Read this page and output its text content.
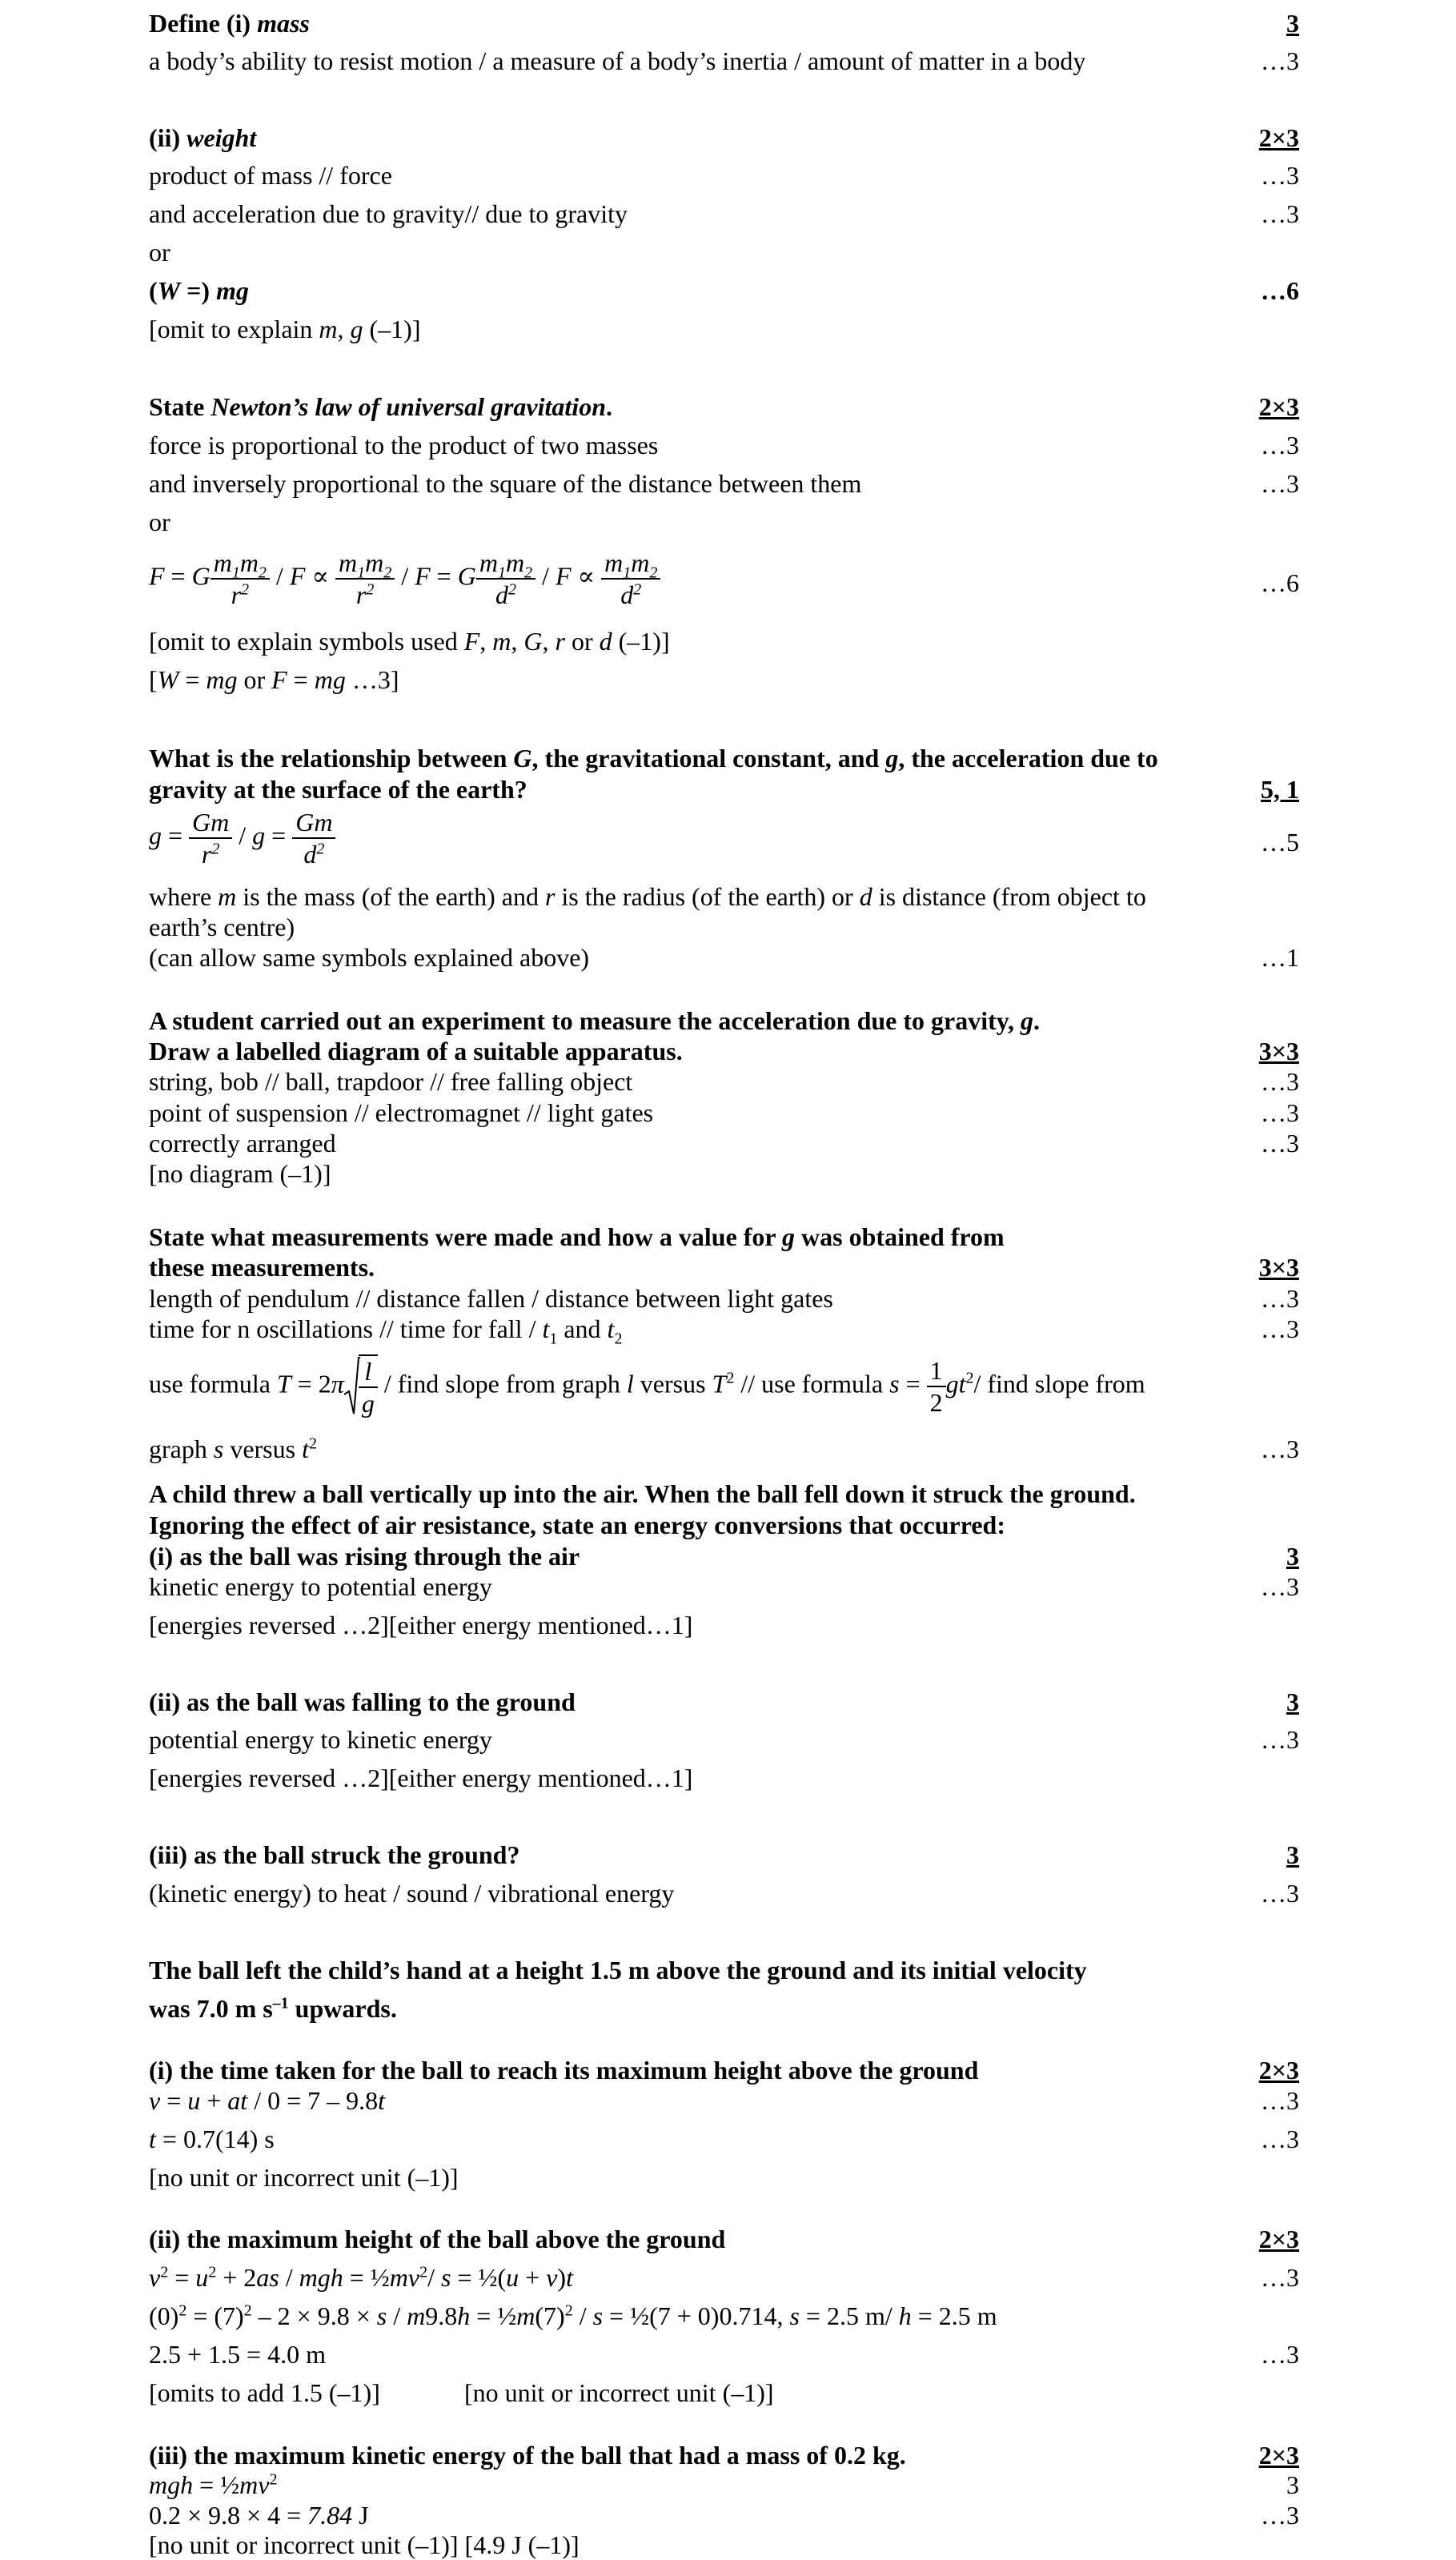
Define (i) mass	3
a body’s ability to resist motion / a measure of a body’s inertia / amount of matter in a body	…3
(ii) weight	2×3
product of mass // force	…3
and acceleration due to gravity// due to gravity	…3
or
(W =) mg	…6
[omit to explain m, g (–1)]
State Newton’s law of universal gravitation.	2×3
force is proportional to the product of two masses	…3
and inversely proportional to the square of the distance between them	…3
or
F = G $\frac{m_1m_2}{r^2} / F \propto \frac{m_1m_2}{r^2} / F = G \frac{m_1m_2}{d^2} / F \propto \frac{m_1m_2}{d^2}$	…6
[omit to explain symbols used F, m, G, r or d (–1)]
[W = mg or F = mg …3]
What is the relationship between G, the gravitational constant, and g, the acceleration due to
gravity at the surface of the earth?	5, 1
$g = \frac{Gm}{r^2} / g = \frac{Gm}{d^2}$	…5
where m is the mass (of the earth) and r is the radius (of the earth) or d is distance (from object to
earth’s centre)
(can allow same symbols explained above)	…1
A student carried out an experiment to measure the acceleration due to gravity, g.
Draw a labelled diagram of a suitable apparatus.	3×3
string, bob // ball, trapdoor // free falling object	…3
point of suspension // electromagnet // light gates	…3
correctly arranged	…3
[no diagram (–1)]
State what measurements were made and how a value for g was obtained from
these measurements.	3×3
length of pendulum // distance fallen / distance between light gates	…3
time for n oscillations // time for fall / $t_1$ and $t_2$	…3
use formula $T = 2\pi \frac{l}{g}$ / find slope from graph l versus $T^2$ // use formula $s = \frac{1}{2} gt^2/$ find slope from
graph s versus $t^2$	…3
A child threw a ball vertically up into the air. When the ball fell down it struck the ground.
Ignoring the effect of air resistance, state an energy conversions that occurred:
(i) as the ball was rising through the air	3
kinetic energy to potential energy	…3
[energies reversed …2][either energy mentioned…1]
(ii) as the ball was falling to the ground	3
potential energy to kinetic energy	…3
[energies reversed …2][either energy mentioned…1]
(iii) as the ball struck the ground?	3
(kinetic energy) to heat / sound / vibrational energy	…3
The ball left the child’s hand at a height 1.5 m above the ground and its initial velocity
was 7.0 m $s^{-1}$ upwards.
(i) the time taken for the ball to reach its maximum height above the ground	2×3
v = u + at / 0 = 7 – 9.8t	…3
t = 0.7(14) s	…3
[no unit or incorrect unit (–1)]
(ii) the maximum height of the ball above the ground	2×3
$v^2 = u^2 + 2as$ / mgh = $\frac{1}{2}mv^2/$ s = ½(u + v)t	…3
$(0)^2 = (7)^2 - 2 \times 9.8 \times s / m9.8h$ = $\frac{1}{2}m(7)^2$ / s = ½(7 + 0)0.714, s = 2.5 m/ h = 2.5 m
2.5 + 1.5 = 4.0 m	…3
[omits to add 1.5 (–1)]	[no unit or incorrect unit (–1)]
(iii) the maximum kinetic energy of the ball that had a mass of 0.2 kg.	2×3
mgh = $\frac{1}{2}mv^2$	3
0.2 × 9.8 × 4 = 7.84 J	…3
[no unit or incorrect unit (–1)] [4.9 J (–1)]
